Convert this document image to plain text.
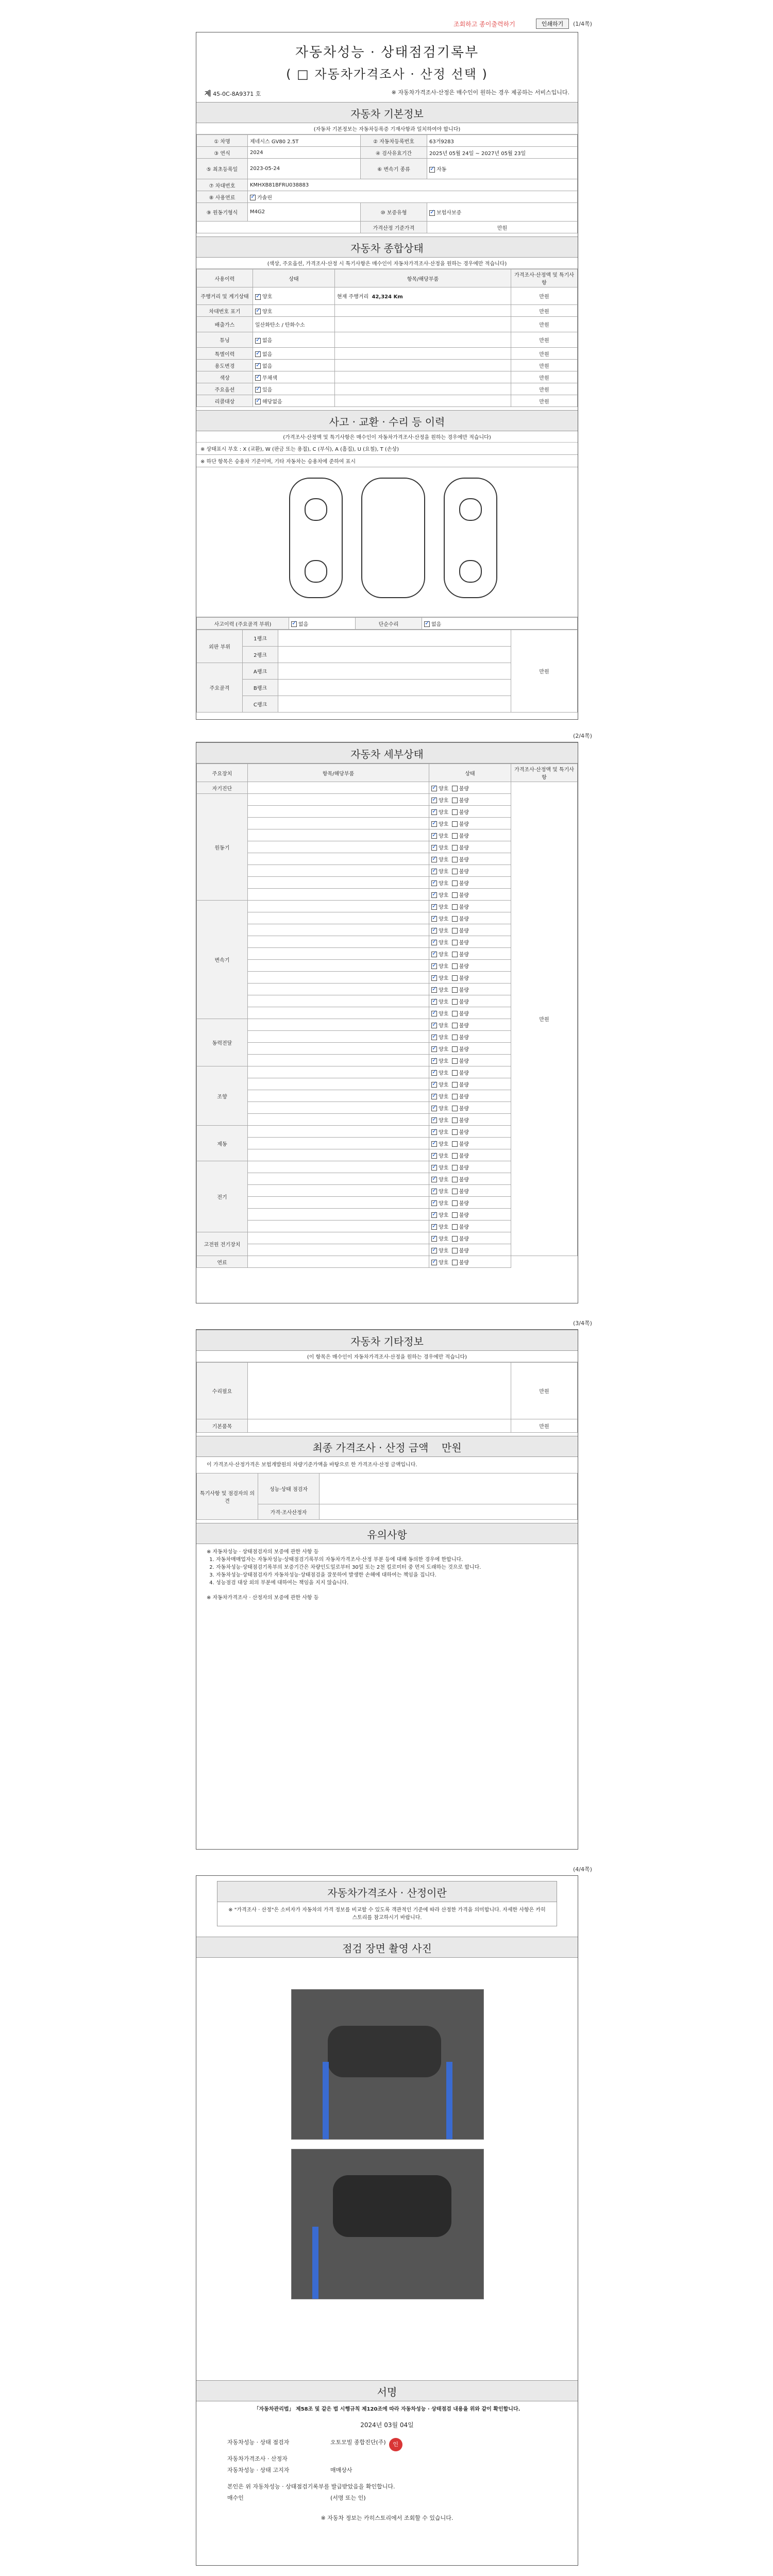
조회하고 종이출력하기	인쇄하기	(1/4쪽)
자동차성능 · 상태점검기록부
( □ 자동차가격조사 · 산정 선택 )
제 45-0C-8A9371 호	※ 자동차가격조사·산정은 매수인이 원하는 경우 제공하는 서비스입니다.
자동차 기본정보
(자동차 기본정보는 자동차등록증 기재사항과 일치하여야 합니다)
① 차명	제네시스 GV80 2.5T	② 자동차등록번호	63거9283
③ 연식	2024	④ 검사유효기간	2025년 05월 24일 ~ 2027년 05월 23일
⑤ 최초등록일	2023-05-24	⑥ 변속기 종류	✓자동
⑦ 차대번호	KMHXB81BFRU038883		
⑧ 사용연료	✓가솔린
⑨ 원동기형식	M4G2	⑩ 보증유형	✓보험사보증
		가격산정 기준가격	만원
자동차 종합상태
(색상, 주요옵션, 가격조사·산정 시 특기사항은 매수인이 자동차가격조사·산정을 원하는 경우에만 적습니다)
사용이력	상태	항목/해당부품	가격조사·산정액 및 특기사항
주행거리 및 계기상태	✓양호	현재 주행거리 42,324 Km	만원
차대번호 표기	✓양호		만원
배출가스	일산화탄소 / 탄화수소		만원
튜닝	✓없음		만원
특별이력	✓없음		만원
용도변경	✓없음		만원
색상	✓무채색		만원
주요옵션	✓있음		만원
리콜대상	✓해당없음		만원
사고 · 교환 · 수리 등 이력
(가격조사·산정액 및 특기사항은 매수인이 자동차가격조사·산정을 원하는 경우에만 적습니다)
※ 상태표시 부호 : X (교환), W (판금 또는 용접), C (부식), A (흠집), U (요철), T (손상)
※ 하단 항목은 승용차 기준이며, 기타 자동차는 승용차에 준하여 표시
사고이력 (주요골격 부위)	✓없음	단순수리	✓없음
외판 부위	1랭크		만원
	2랭크		
주요골격	A랭크		
	B랭크		
	C랭크		
(2/4쪽)
자동차 세부상태
주요장치	항목/해당부품	상태	가격조사·산정액 및 특기사항
자기진단		✓양호 불량	만원
원동기		✓양호 불량
	✓양호 불량
	✓양호 불량
	✓양호 불량
	✓양호 불량
	✓양호 불량
	✓양호 불량
	✓양호 불량
	✓양호 불량
변속기		✓양호 불량
	✓양호 불량
	✓양호 불량
	✓양호 불량
	✓양호 불량
	✓양호 불량
	✓양호 불량
	✓양호 불량
	✓양호 불량
	✓양호 불량
동력전달		✓양호 불량
	✓양호 불량
	✓양호 불량
	✓양호 불량
조향		✓양호 불량
	✓양호 불량
	✓양호 불량
	✓양호 불량
	✓양호 불량
제동		✓양호 불량
	✓양호 불량
	✓양호 불량
전기		✓양호 불량
	✓양호 불량
	✓양호 불량
	✓양호 불량
	✓양호 불량
	✓양호 불량
고전원 전기장치		✓양호 불량
	✓양호 불량
연료		✓양호 불량
(3/4쪽)
자동차 기타정보
(이 항목은 매수인이 자동차가격조사·산정을 원하는 경우에만 적습니다)
수리필요		만원
기본품목		만원
최종 가격조사 · 산정 금액 만원
이 가격조사·산정가격은 보험개발원의 차량기준가액을 바탕으로 한 가격조사·산정 금액입니다.
특기사항 및 점검자의 의견	성능·상태 점검자	
	가격·조사산정자	
유의사항
※ 자동차성능 · 상태점검자의 보증에 관한 사항 등
1. 자동차매매업자는 자동차성능·상태점검기록부의 자동차가격조사·산정 부분 등에 대해 동의한 경우에 한합니다.
2. 자동차성능·상태점검기록부의 보증기간은 차량인도일로부터 30일 또는 2천 킬로미터 중 먼저 도래하는 것으로 합니다.
3. 자동차성능·상태점검자가 자동차성능·상태점검을 잘못하여 발생한 손해에 대하여는 책임을 집니다.
4. 성능점검 대상 외의 부분에 대하여는 책임을 지지 않습니다.
※ 자동차가격조사 · 산정자의 보증에 관한 사항 등
(4/4쪽)
자동차가격조사 · 산정이란
※ "가격조사 · 산정"은 소비자가 자동차의 가격 정보를 비교할 수 있도록 객관적인 기준에 따라 산정한 가격을 의미합니다. 자세한 사항은 카히스토리를 참고하시기 바랍니다.
점검 장면 촬영 사진
서명
「자동차관리법」 제58조 및 같은 법 시행규칙 제120조에 따라 자동차성능 · 상태점검 내용을 위와 같이 확인합니다.
2024년 03월 04일
자동차성능 · 상태 점검자	오토모빌 종합진단(주)	인
자동차가격조사 · 산정자
자동차성능 · 상태 고지자	매매상사
본인은 위 자동차성능 · 상태점검기록부를 발급받았음을 확인합니다.
매수인	(서명 또는 인)
※ 자동차 정보는 카히스토리에서 조회할 수 있습니다.
